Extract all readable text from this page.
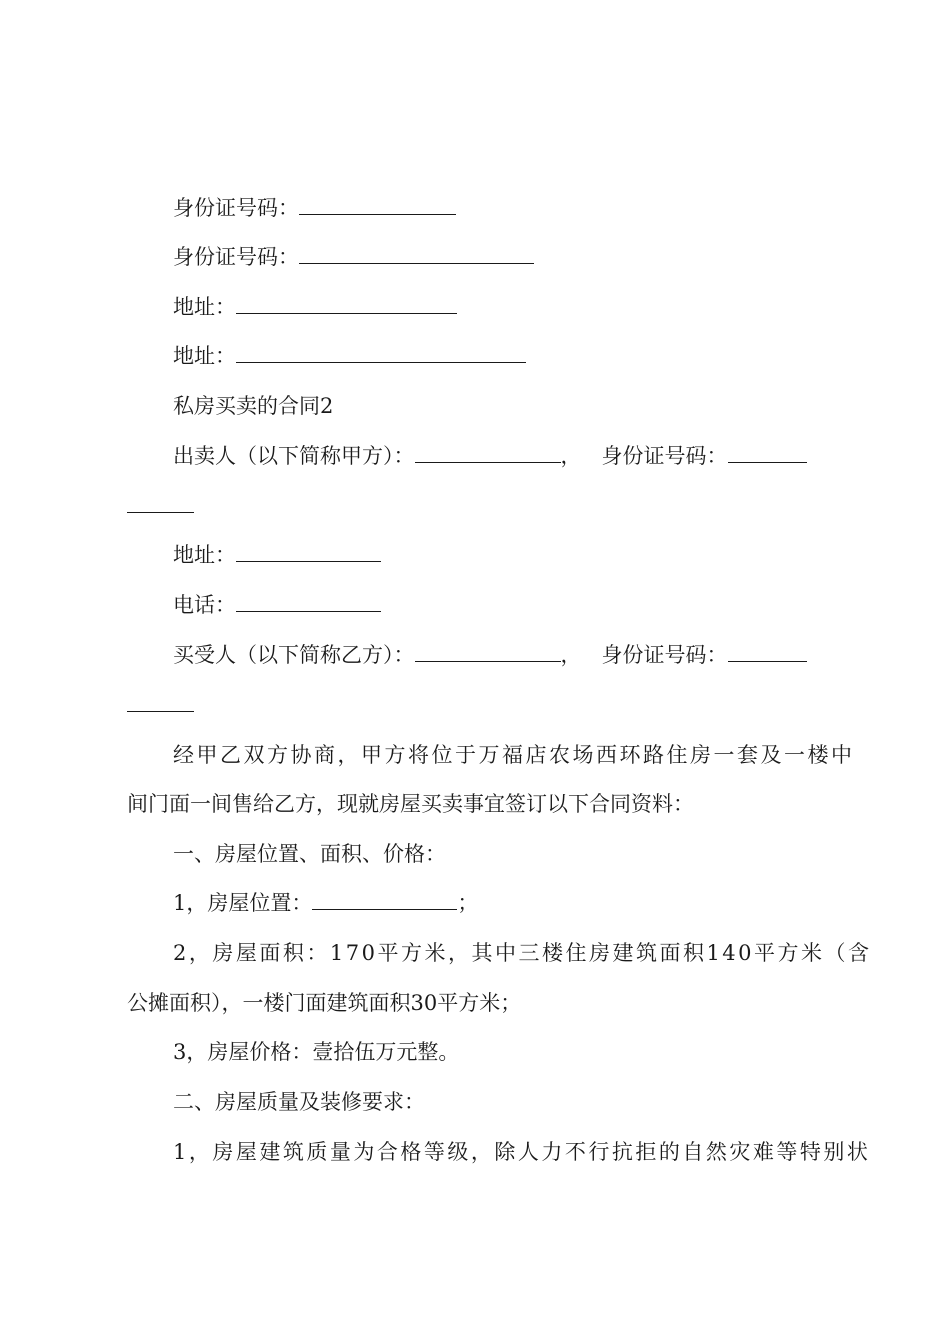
身份证号码：
身份证号码：
地址：
地址：
私房买卖的合同2
出卖人（以下简称甲方）：	， 身份证号码：
地址：
电话：
买受人（以下简称乙方）：	， 身份证号码：
经甲乙双方协商，甲方将位于万福店农场西环路住房一套及一楼中
间门面一间售给乙方，现就房屋买卖事宜签订以下合同资料：
一、房屋位置、面积、价格：
1，房屋位置：	；
2，房屋面积：170平方米，其中三楼住房建筑面积140平方米（含
公摊面积），一楼门面建筑面积30平方米；
3，房屋价格：壹拾伍万元整。
二、房屋质量及装修要求：
1，房屋建筑质量为合格等级，除人力不行抗拒的自然灾难等特别状
